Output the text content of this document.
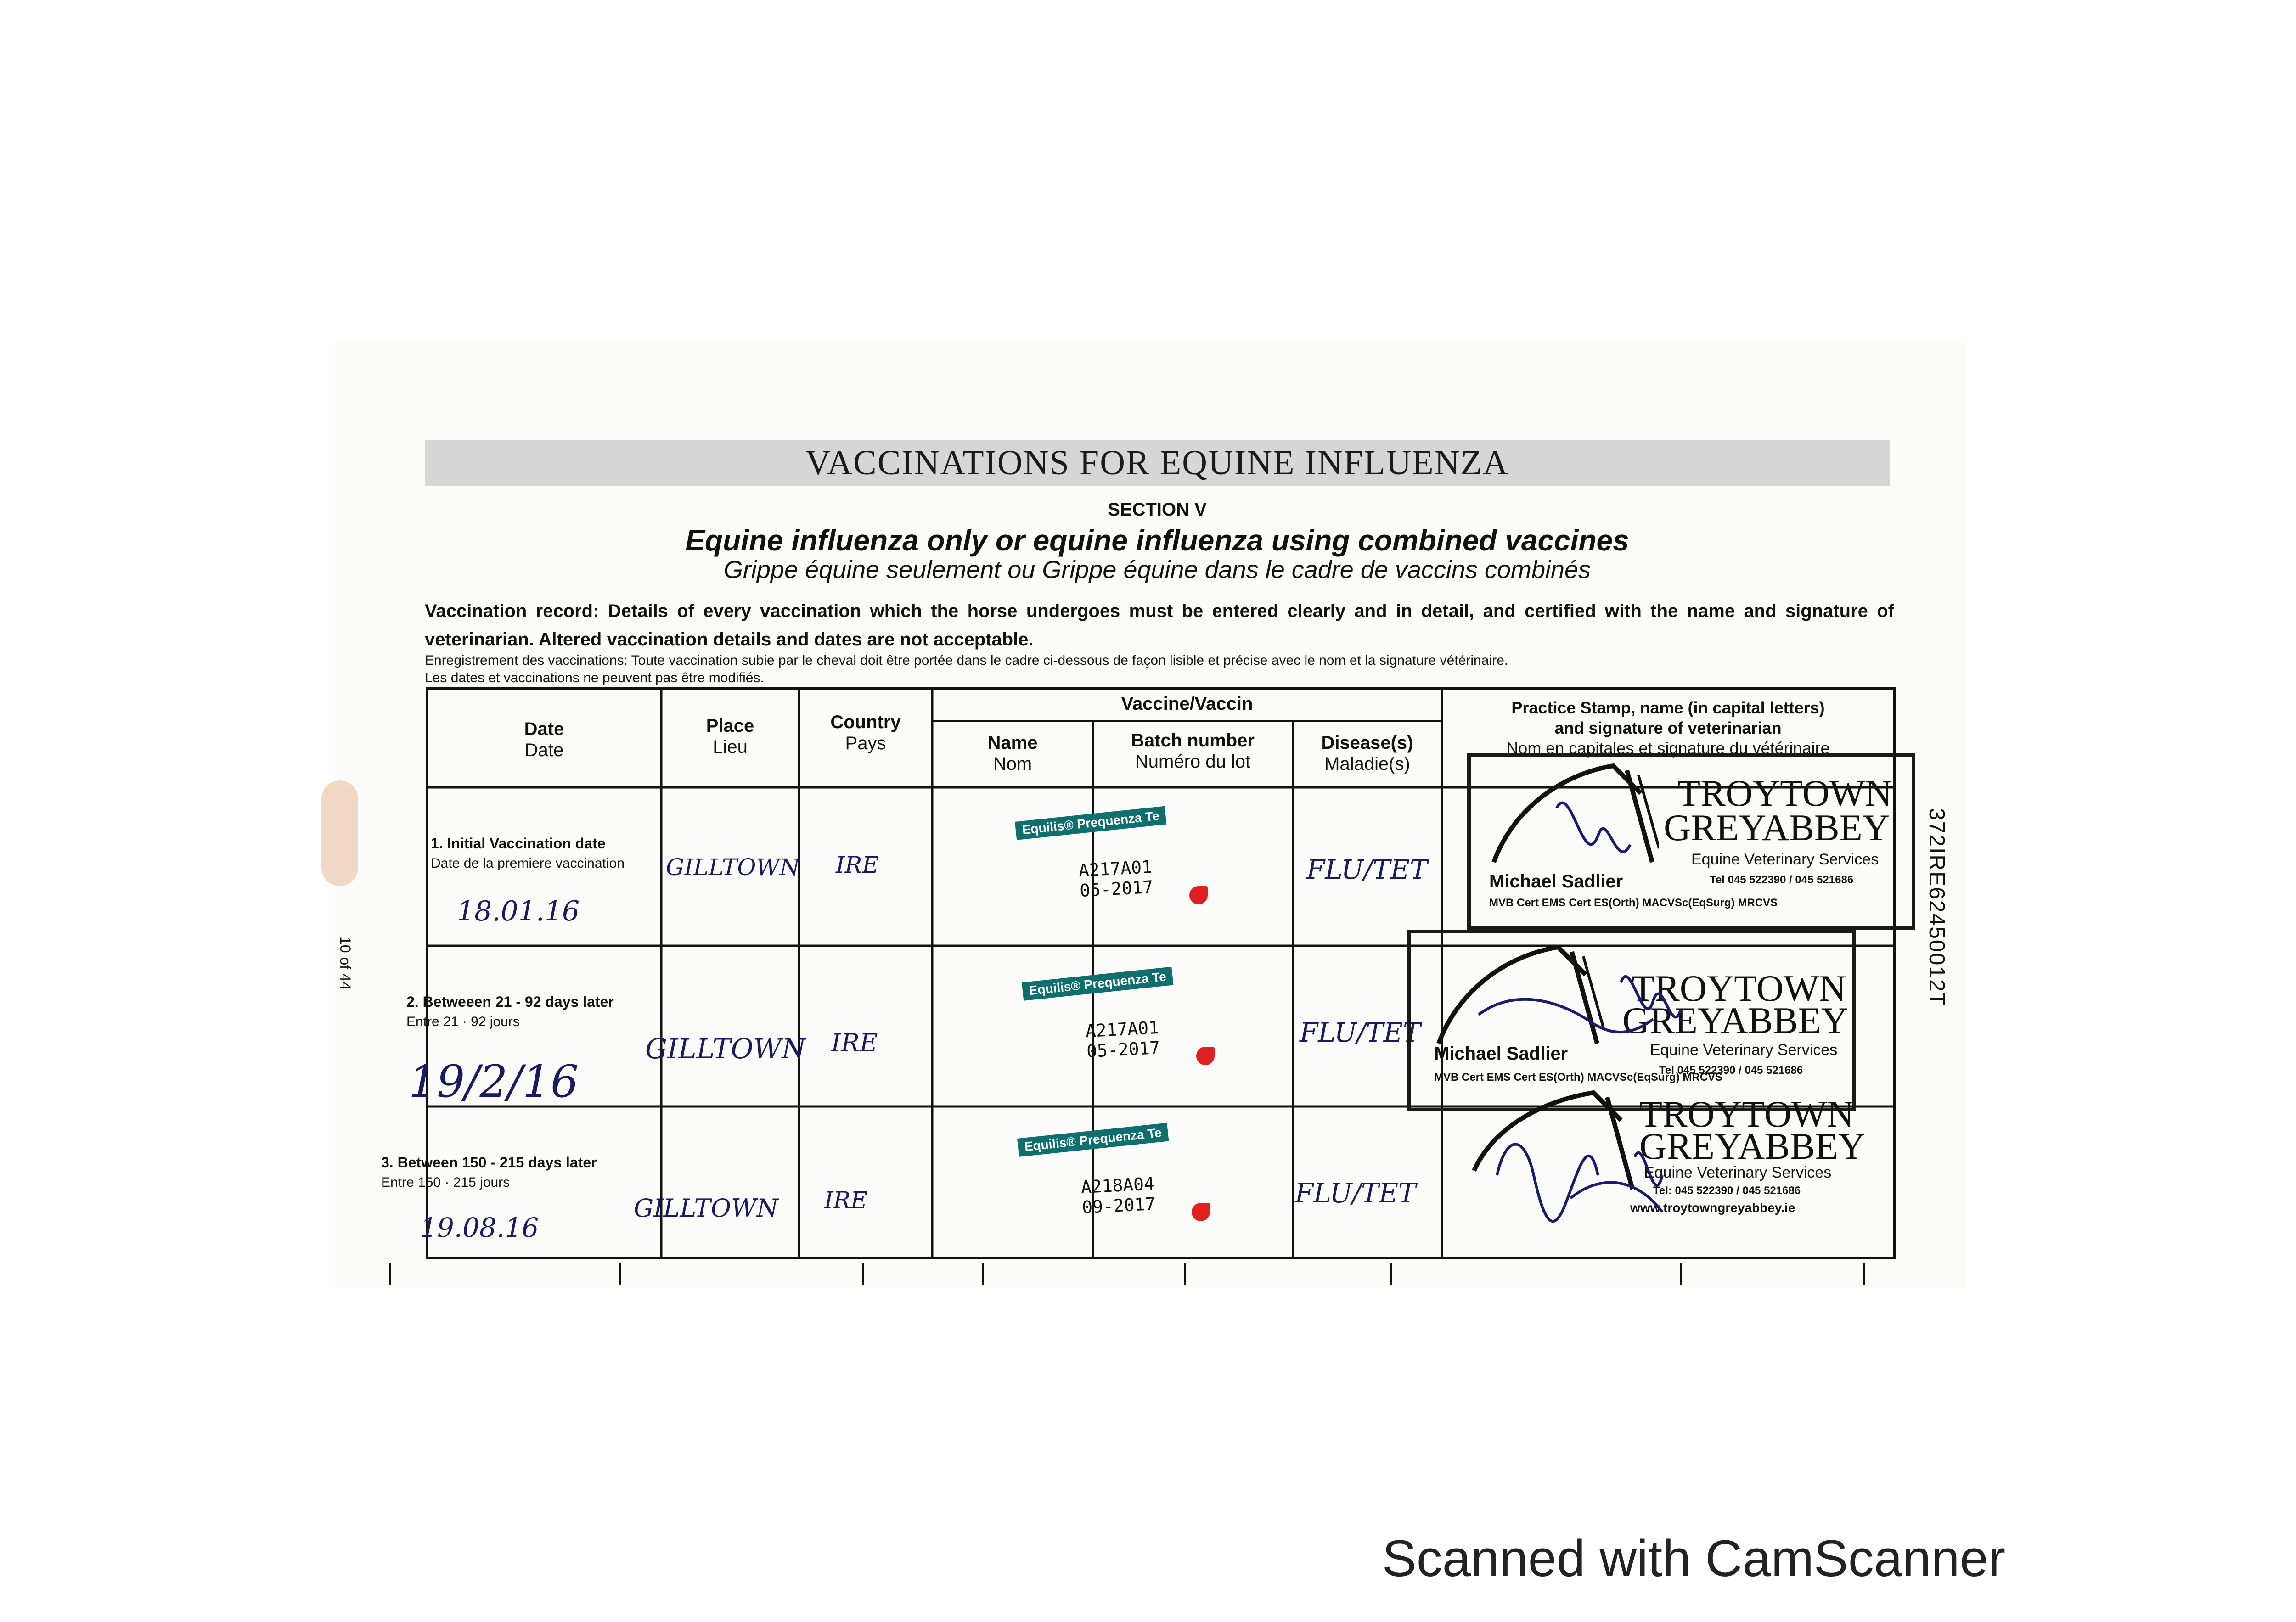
VACCINATIONS FOR EQUINE INFLUENZA
SECTION V
Equine influenza only or equine influenza using combined vaccines
Grippe équine seulement ou Grippe équine dans le cadre de vaccins combinés
Vaccination record: Details of every vaccination which the horse undergoes must be entered clearly and in detail, and certified with the name and signature of veterinarian. Altered vaccination details and dates are not acceptable.
Enregistrement des vaccinations: Toute vaccination subie par le cheval doit être portée dans le cadre ci-dessous de façon lisible et précise avec le nom et la signature vétérinaire.
Les dates et vaccinations ne peuvent pas être modifiés.
10 of 44	372IRE62450012T
Date
Date
Place
Lieu
Country
Pays
Vaccine/Vaccin
Name
Nom
Batch number
Numéro du lot
Disease(s)
Maladie(s)
Practice Stamp, name (in capital letters)
and signature of veterinarian
Nom en capitales et signature du vétérinaire
1. Initial Vaccination date
Date de la premiere vaccination
18.01.16
GILLTOWN IRE
Equilis® Prequenza Te
A217A01
05-2017
FLU/TET
2. Betweeen 21 - 92 days later
Entre 21 · 92 jours
19/2/16
GILLTOWN IRE
Equilis® Prequenza Te
A217A01
05-2017
FLU/TET
3. Between 150 - 215 days later
Entre 150 · 215 jours
19.08.16
GILLTOWN IRE
Equilis® Prequenza Te
A218A04
09-2017	FLU/TET
TROYTOWN
GREYABBEY
Equine Veterinary Services
Tel 045 522390 / 045 521686
Michael Sadlier
MVB Cert EMS Cert ES(Orth) MACVSc(EqSurg) MRCVS
TROYTOWN
GREYABBEY
Equine Veterinary Services
Tel 045 522390 / 045 521686
Michael Sadlier
MVB Cert EMS Cert ES(Orth) MACVSc(EqSurg) MRCVS
TROYTOWN
GREYABBEY
Equine Veterinary Services
Tel: 045 522390 / 045 521686
www.troytowngreyabbey.ie
Scanned with CamScanner
